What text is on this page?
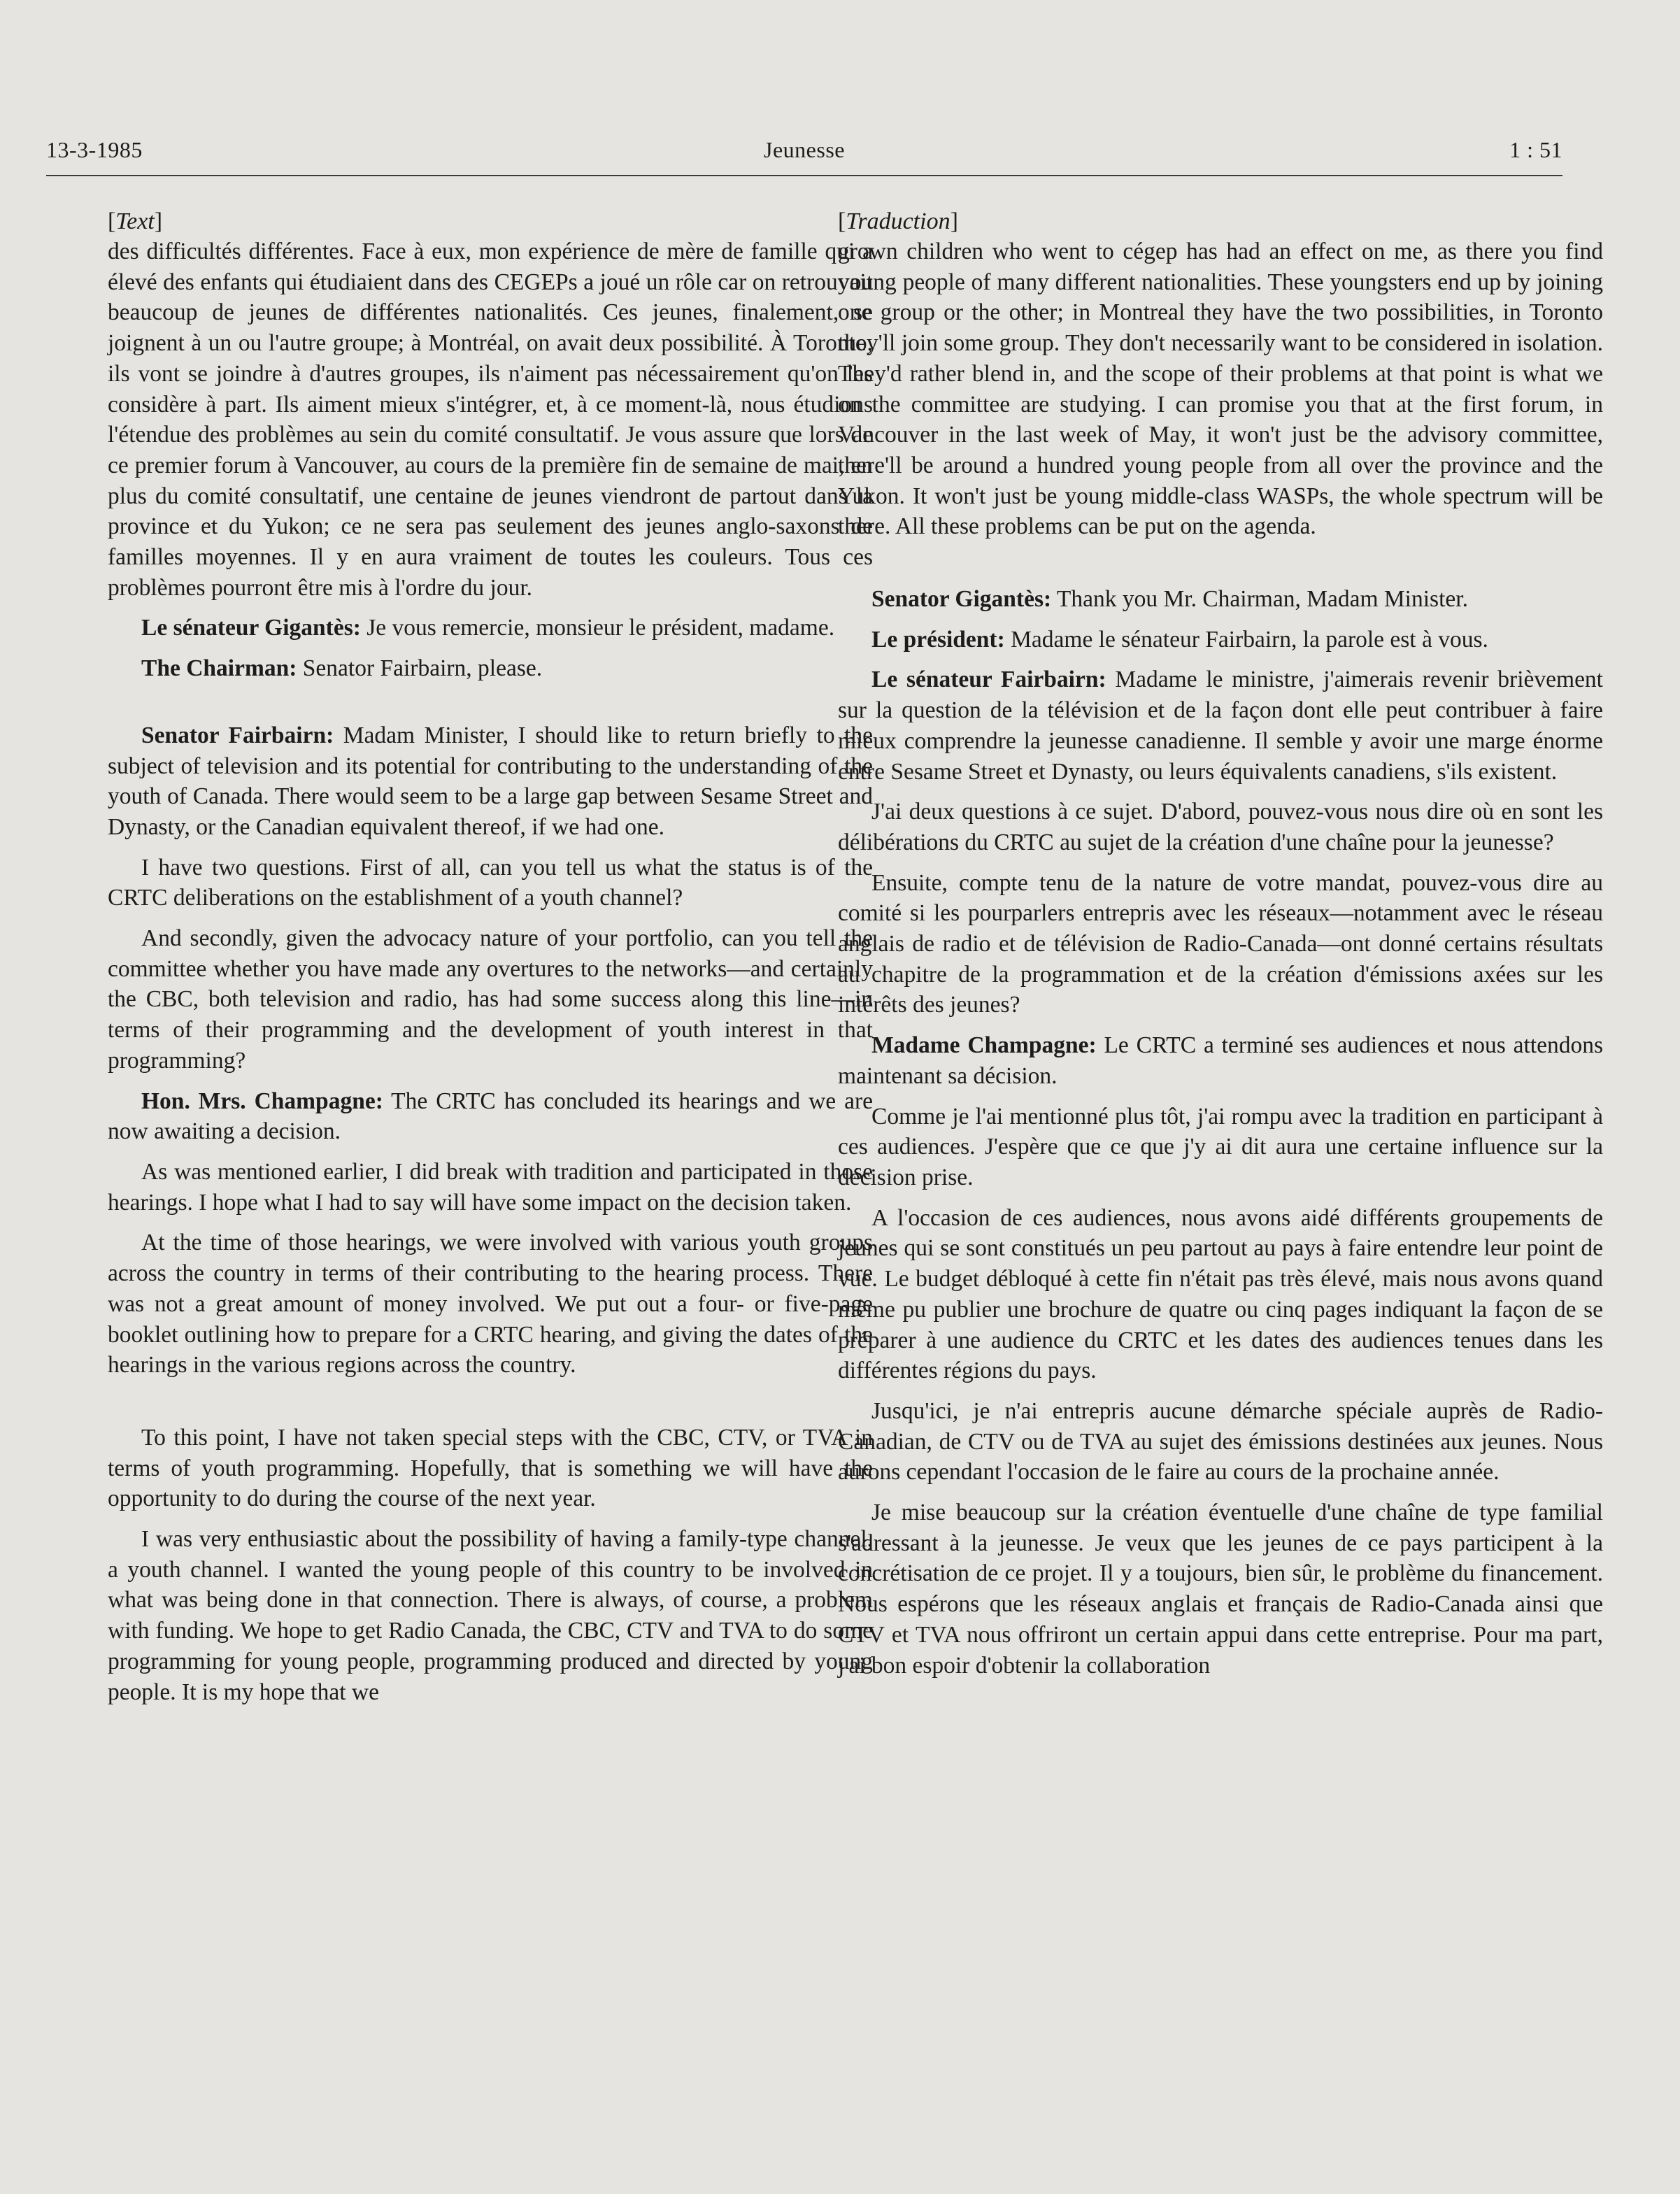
13-3-1985	Jeunesse	1 : 51
[Text]

des difficultés différentes. Face à eux, mon expérience de mère de famille qui a élevé des enfants qui étudiaient dans des CEGEPs a joué un rôle car on retrouvait beaucoup de jeunes de différentes nationalités. Ces jeunes, finalement, se joignent à un ou l'autre groupe; à Montréal, on avait deux possibilité. À Toronto, ils vont se joindre à d'autres groupes, ils n'aiment pas nécessairement qu'on les considère à part. Ils aiment mieux s'intégrer, et, à ce moment-là, nous étudions l'étendue des problèmes au sein du comité consultatif. Je vous assure que lors de ce premier forum à Vancouver, au cours de la première fin de semaine de mai, en plus du comité consultatif, une centaine de jeunes viendront de partout dans la province et du Yukon; ce ne sera pas seulement des jeunes anglo-saxons de familles moyennes. Il y en aura vraiment de toutes les couleurs. Tous ces problèmes pourront être mis à l'ordre du jour.

Le sénateur Gigantès: Je vous remercie, monsieur le président, madame.

The Chairman: Senator Fairbairn, please.

Senator Fairbairn: Madam Minister, I should like to return briefly to the subject of television and its potential for contributing to the understanding of the youth of Canada. There would seem to be a large gap between Sesame Street and Dynasty, or the Canadian equivalent thereof, if we had one.

I have two questions. First of all, can you tell us what the status is of the CRTC deliberations on the establishment of a youth channel?

And secondly, given the advocacy nature of your portfolio, can you tell the committee whether you have made any overtures to the networks—and certainly the CBC, both television and radio, has had some success along this line—in terms of their programming and the development of youth interest in that programming?

Hon. Mrs. Champagne: The CRTC has concluded its hearings and we are now awaiting a decision.

As was mentioned earlier, I did break with tradition and participated in those hearings. I hope what I had to say will have some impact on the decision taken.

At the time of those hearings, we were involved with various youth groups across the country in terms of their contributing to the hearing process. There was not a great amount of money involved. We put out a four- or five-page booklet outlining how to prepare for a CRTC hearing, and giving the dates of the hearings in the various regions across the country.

To this point, I have not taken special steps with the CBC, CTV, or TVA in terms of youth programming. Hopefully, that is something we will have the opportunity to do during the course of the next year.

I was very enthusiastic about the possibility of having a family-type channel, a youth channel. I wanted the young people of this country to be involved in what was being done in that connection. There is always, of course, a problem with funding. We hope to get Radio Canada, the CBC, CTV and TVA to do some programming for young people, programming produced and directed by young people. It is my hope that we

[Traduction]

grown children who went to cégep has had an effect on me, as there you find young people of many different nationalities. These youngsters end up by joining one group or the other; in Montreal they have the two possibilities, in Toronto they'll join some group. They don't necessarily want to be considered in isolation. They'd rather blend in, and the scope of their problems at that point is what we on the committee are studying. I can promise you that at the first forum, in Vancouver in the last week of May, it won't just be the advisory committee, there'll be around a hundred young people from all over the province and the Yukon. It won't just be young middle-class WASPs, the whole spectrum will be there. All these problems can be put on the agenda.

Senator Gigantès: Thank you Mr. Chairman, Madam Minister.

Le président: Madame le sénateur Fairbairn, la parole est à vous.

Le sénateur Fairbairn: Madame le ministre, j'aimerais revenir brièvement sur la question de la télévision et de la façon dont elle peut contribuer à faire mieux comprendre la jeunesse canadienne. Il semble y avoir une marge énorme entre Sesame Street et Dynasty, ou leurs équivalents canadiens, s'ils existent.

J'ai deux questions à ce sujet. D'abord, pouvez-vous nous dire où en sont les délibérations du CRTC au sujet de la création d'une chaîne pour la jeunesse?

Ensuite, compte tenu de la nature de votre mandat, pouvez-vous dire au comité si les pourparlers entrepris avec les réseaux—notamment avec le réseau anglais de radio et de télévision de Radio-Canada—ont donné certains résultats au chapitre de la programmation et de la création d'émissions axées sur les intérêts des jeunes?

Madame Champagne: Le CRTC a terminé ses audiences et nous attendons maintenant sa décision.

Comme je l'ai mentionné plus tôt, j'ai rompu avec la tradition en participant à ces audiences. J'espère que ce que j'y ai dit aura une certaine influence sur la décision prise.

A l'occasion de ces audiences, nous avons aidé différents groupements de jeunes qui se sont constitués un peu partout au pays à faire entendre leur point de vue. Le budget débloqué à cette fin n'était pas très élevé, mais nous avons quand même pu publier une brochure de quatre ou cinq pages indiquant la façon de se préparer à une audience du CRTC et les dates des audiences tenues dans les différentes régions du pays.

Jusqu'ici, je n'ai entrepris aucune démarche spéciale auprès de Radio-Canadian, de CTV ou de TVA au sujet des émissions destinées aux jeunes. Nous aurons cependant l'occasion de le faire au cours de la prochaine année.

Je mise beaucoup sur la création éventuelle d'une chaîne de type familial s'adressant à la jeunesse. Je veux que les jeunes de ce pays participent à la concrétisation de ce projet. Il y a toujours, bien sûr, le problème du financement. Nous espérons que les réseaux anglais et français de Radio-Canada ainsi que CTV et TVA nous offriront un certain appui dans cette entreprise. Pour ma part, j'ai bon espoir d'obtenir la collaboration
